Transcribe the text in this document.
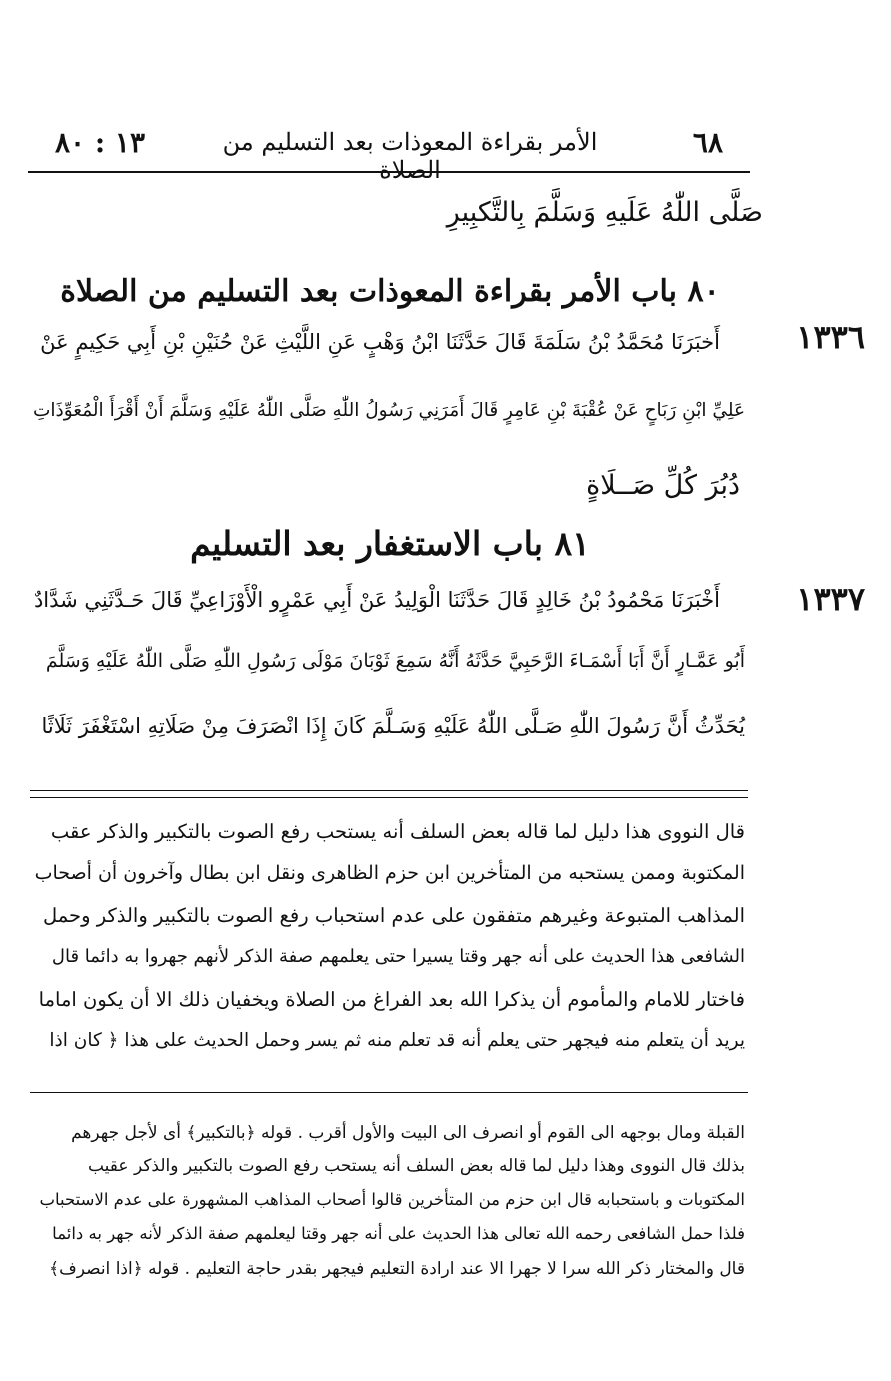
٦٨
الأمر بقراءة المعوذات بعد التسليم من الصلاة
١٣ : ٨٠
صَلَّى اللّٰهُ عَلَيهِ وَسَلَّمَ بِالتَّكبِيرِ
٨٠ باب الأمر بقراءة المعوذات بعد التسليم من الصلاة
١٣٣٦
أَخبَرَنَا مُحَمَّدُ بْنُ سَلَمَةَ قَالَ حَدَّثَنَا ابْنُ وَهْبٍ عَنِ اللَّيْثِ عَنْ حُنَيْنِ بْنِ أَبِي حَكِيمٍ عَنْ
عَلِيِّ ابْنِ رَبَاحٍ عَنْ عُقْبَةَ بْنِ عَامِرٍ قَالَ أَمَرَنِي رَسُولُ اللّٰهِ صَلَّى اللّٰهُ عَلَيْهِ وَسَلَّمَ أَنْ أَقْرَأَ الْمُعَوِّذَاتِ
دُبُرَ كُلِّ صَــلَاةٍ
٨١ باب الاستغفار بعد التسليم
١٣٣٧
أَخْبَرَنَا مَحْمُودُ بْنُ خَالِدٍ قَالَ حَدَّثَنَا الْوَلِيدُ عَنْ أَبِي عَمْرٍو الْأَوْزَاعِيِّ قَالَ حَـدَّثَنِي شَدَّادٌ
أَبُو عَمَّـارٍ أَنَّ أَبَا أَسْمَـاءَ الرَّحَبِيَّ حَدَّثَهُ أَنَّهُ سَمِعَ ثَوْبَانَ مَوْلَى رَسُولِ اللّٰهِ صَلَّى اللّٰهُ عَلَيْهِ وَسَلَّمَ
يُحَدِّثُ أَنَّ رَسُولَ اللّٰهِ صَـلَّى اللّٰهُ عَلَيْهِ وَسَـلَّمَ كَانَ إِذَا انْصَرَفَ مِنْ صَلَاتِهِ اسْتَغْفَرَ ثَلَاثًا
قال النووى هذا دليل لما قاله بعض السلف أنه يستحب رفع الصوت بالتكبير والذكر عقب
المكتوبة وممن يستحبه من المتأخرين ابن حزم الظاهرى ونقل ابن بطال وآخرون أن أصحاب
المذاهب المتبوعة وغيرهم متفقون على عدم استحباب رفع الصوت بالتكبير والذكر وحمل
الشافعى هذا الحديث على أنه جهر وقتا يسيرا حتى يعلمهم صفة الذكر لأنهم جهروا به دائما قال
فاختار للامام والمأموم أن يذكرا الله بعد الفراغ من الصلاة ويخفيان ذلك الا أن يكون اماما
يريد أن يتعلم منه فيجهر حتى يعلم أنه قد تعلم منه ثم يسر وحمل الحديث على هذا ﴿ كان اذا
القبلة ومال بوجهه الى القوم أو انصرف الى البيت والأول أقرب . قوله ﴿بالتكبير﴾ أى لأجل جهرهم
بذلك قال النووى وهذا دليل لما قاله بعض السلف أنه يستحب رفع الصوت بالتكبير والذكر عقيب
المكتوبات و باستحبابه قال ابن حزم من المتأخرين قالوا أصحاب المذاهب المشهورة على عدم الاستحباب
فلذا حمل الشافعى رحمه الله تعالى هذا الحديث على أنه جهر وقتا ليعلمهم صفة الذكر لأنه جهر به دائما
قال والمختار ذكر الله سرا لا جهرا الا عند ارادة التعليم فيجهر بقدر حاجة التعليم . قوله ﴿اذا انصرف﴾
